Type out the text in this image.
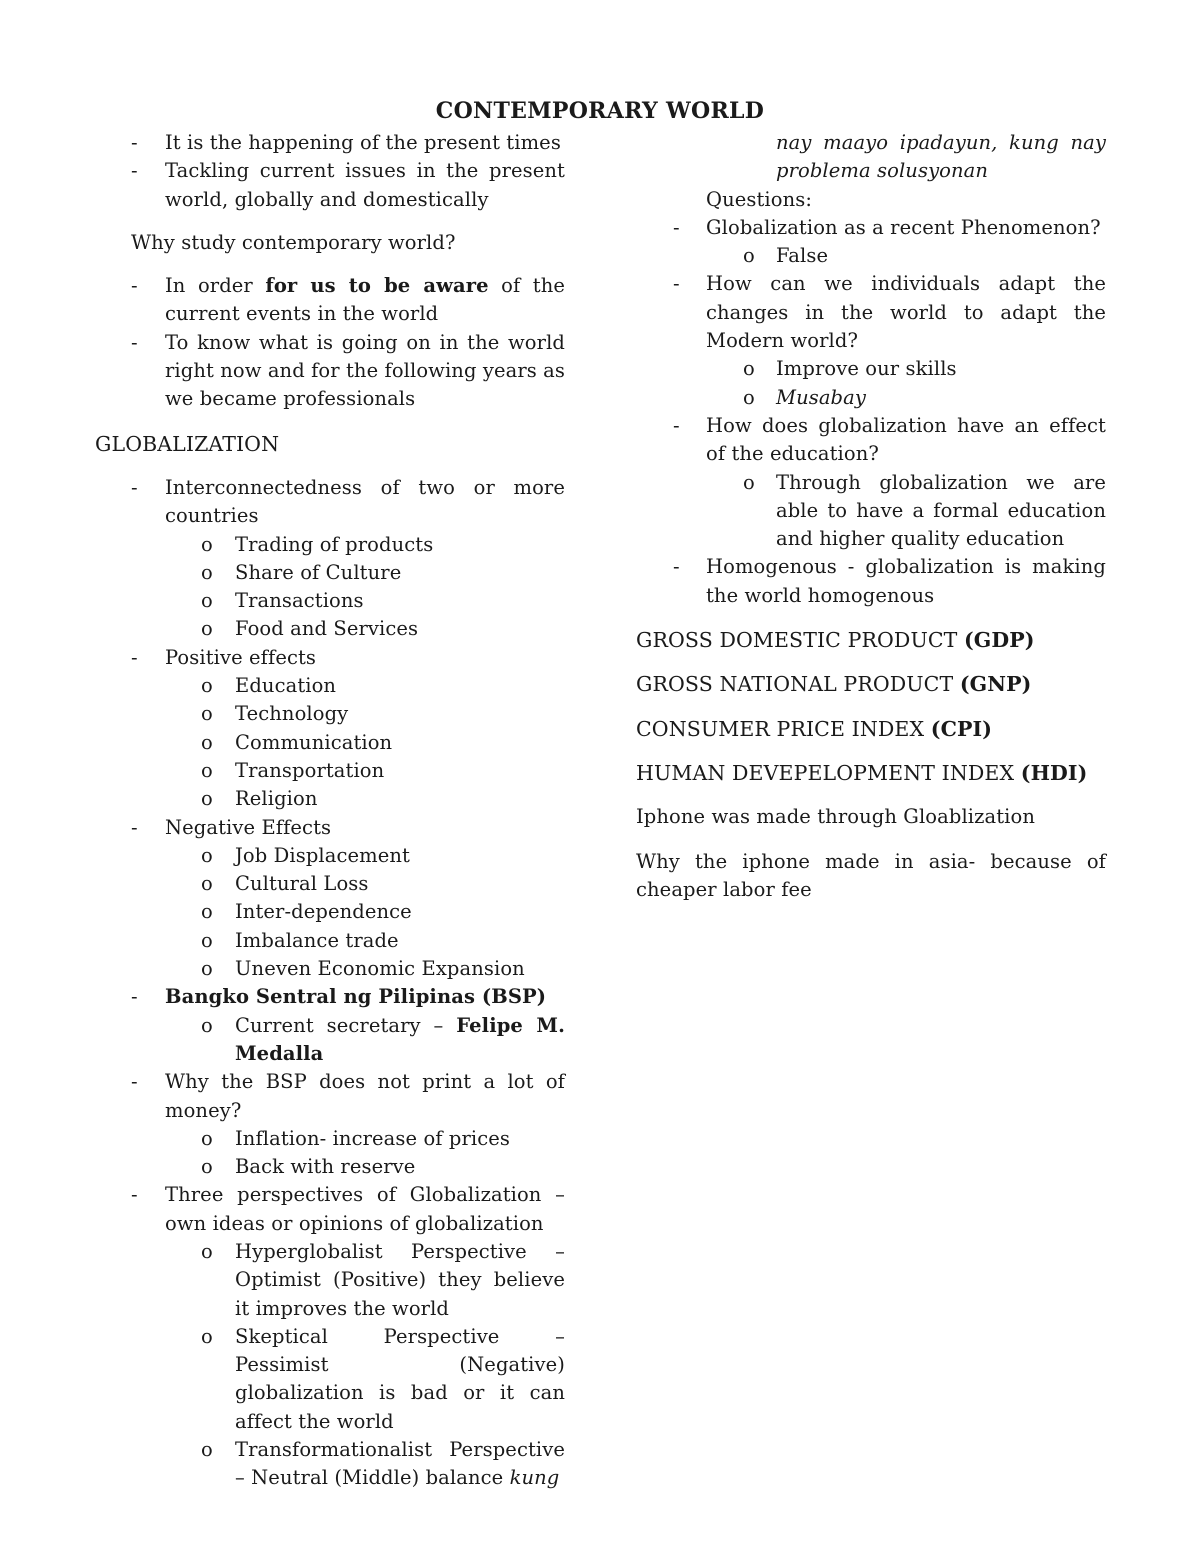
CONTEMPORARY WORLD
- It is the happening of the present times
- Tackling current issues in the present world, globally and domestically
Why study contemporary world?
- In order for us to be aware of the current events in the world
- To know what is going on in the world right now and for the following years as we became professionals
GLOBALIZATION
- Interconnectedness of two or more countries
o Trading of products
o Share of Culture
o Transactions
o Food and Services
- Positive effects
o Education
o Technology
o Communication
o Transportation
o Religion
- Negative Effects
o Job Displacement
o Cultural Loss
o Inter-dependence
o Imbalance trade
o Uneven Economic Expansion
- Bangko Sentral ng Pilipinas (BSP)
o Current secretary – Felipe M. Medalla
- Why the BSP does not print a lot of money?
o Inflation- increase of prices
o Back with reserve
- Three perspectives of Globalization – own ideas or opinions of globalization
o Hyperglobalist Perspective – Optimist (Positive) they believe it improves the world
o Skeptical Perspective – Pessimist (Negative) globalization is bad or it can affect the world
o Transformationalist Perspective – Neutral (Middle) balance kung
nay maayo ipadayun, kung nay problema solusyonan
Questions:
- Globalization as a recent Phenomenon?
o False
- How can we individuals adapt the changes in the world to adapt the Modern world?
o Improve our skills
o Musabay
- How does globalization have an effect of the education?
o Through globalization we are able to have a formal education and higher quality education
- Homogenous - globalization is making the world homogenous
GROSS DOMESTIC PRODUCT (GDP)
GROSS NATIONAL PRODUCT (GNP)
CONSUMER PRICE INDEX (CPI)
HUMAN DEVEPELOPMENT INDEX (HDI)
Iphone was made through Gloablization
Why the iphone made in asia- because of cheaper labor fee
